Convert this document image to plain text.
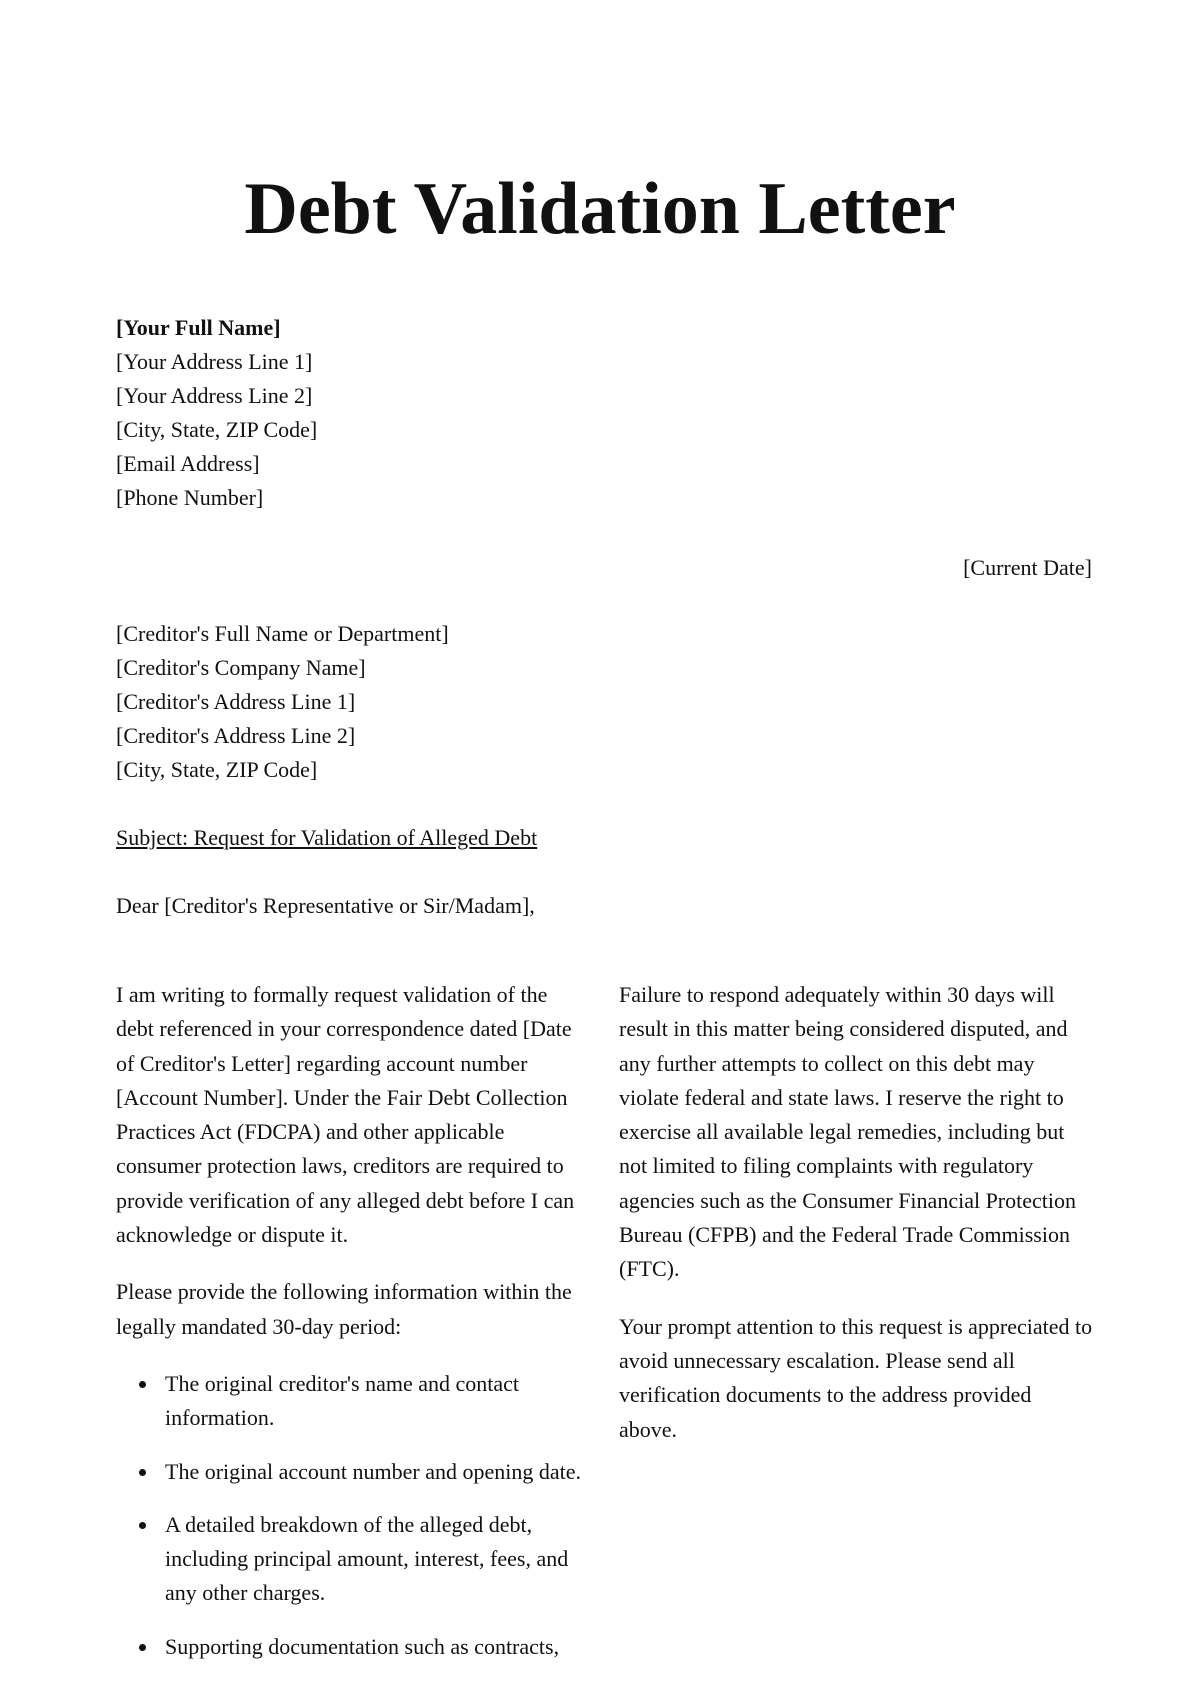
Debt Validation Letter
[Your Full Name]
[Your Address Line 1]
[Your Address Line 2]
[City, State, ZIP Code]
[Email Address]
[Phone Number]
[Current Date]
[Creditor's Full Name or Department]
[Creditor's Company Name]
[Creditor's Address Line 1]
[Creditor's Address Line 2]
[City, State, ZIP Code]
Subject: Request for Validation of Alleged Debt
Dear [Creditor's Representative or Sir/Madam],

I am writing to formally request validation of the debt referenced in your correspondence dated [Date of Creditor's Letter] regarding account number [Account Number]. Under the Fair Debt Collection Practices Act (FDCPA) and other applicable consumer protection laws, creditors are required to provide verification of any alleged debt before I can acknowledge or dispute it.

Please provide the following information within the legally mandated 30-day period:

The original creditor's name and contact information.
The original account number and opening date.
A detailed breakdown of the alleged debt, including principal amount, interest, fees, and any other charges.
Supporting documentation such as contracts,

Failure to respond adequately within 30 days will result in this matter being considered disputed, and any further attempts to collect on this debt may violate federal and state laws. I reserve the right to exercise all available legal remedies, including but not limited to filing complaints with regulatory agencies such as the Consumer Financial Protection Bureau (CFPB) and the Federal Trade Commission (FTC).

Your prompt attention to this request is appreciated to avoid unnecessary escalation. Please send all verification documents to the address provided above.
